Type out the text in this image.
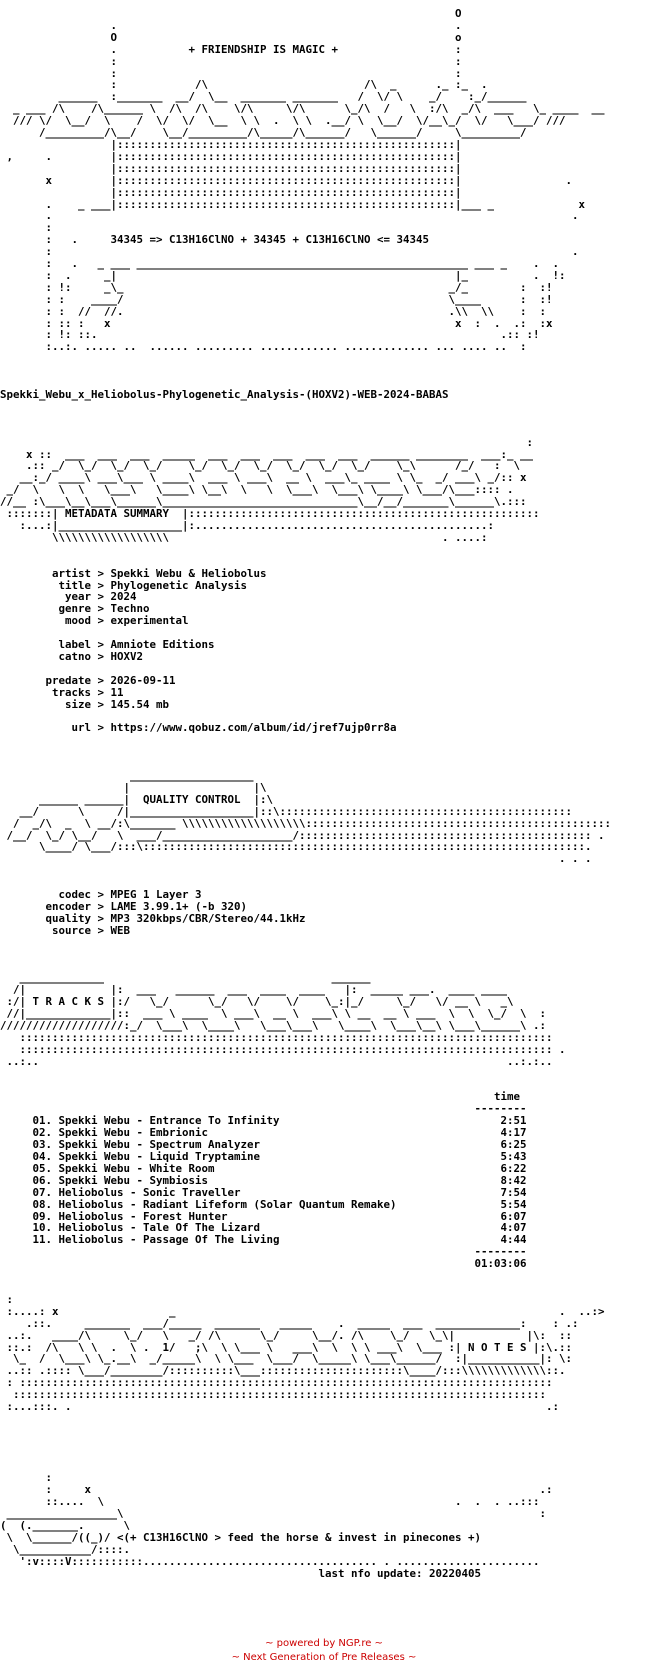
O
.                                                    .
O                                                    o
.           + FRIENDSHIP IS MAGIC +                  :
:                                                    :
:                                                    :
:            /\                        /\  _      ._ :_  .
______  :_______  __/  \__  _______ _______   /  \/ \    _/    :_/______
_ ___ /\    /\______ \  /\  /\    \/\     \/\      \_/\  /   \  :/\  _/\  ___   \_ ____  __
/// \/  \__/  \    /  \/  \/  \__  \ \  .  \ \  .__/ \  \__/  \/__\_/  \/   \___/ ///
/_________/\__/    \__/_________/\_____/\______/   \______/     \_________/
|::::::::::::::::::::::::::::::::::::::::::::::::::::|
,     .         |::::::::::::::::::::::::::::::::::::::::::::::::::::|
|::::::::::::::::::::::::::::::::::::::::::::::::::::|
x         |::::::::::::::::::::::::::::::::::::::::::::::::::::|                .
|::::::::::::::::::::::::::::::::::::::::::::::::::::|
.    _ ___|::::::::::::::::::::::::::::::::::::::::::::::::::::|___ _             x
.                                                                                .
:
:   .     34345 => C13H16ClNO + 34345 + C13H16ClNO <= 34345
:                                                                                .
:   .   _ ___ ___________________________________________________ ___ _    .  .
:  .     _|                                                    |_          .  !:
: !:     _\_                                                  _/_        :  :!
: :    ____/                                                  \____      :  :!
: :  //  //.                                                  .\\  \\    :  :
: :: :   x                                                     x  :  .  .:  :x
: !: ::.                                                              .:: :!
:..:. ..... ..  ...... ......... ............ ............. ... .... ..  :

Spekki_Webu_x_Heliobolus-Phylogenetic_Analysis-(HOXV2)-WEB-2024-BABAS

:
x ::  ___  ___  ___  _____  ___  ___  ___  ___  ___  ______ ________  ___:_ __
.:: _/  \_/  \_/  \_/    \_/  \_/  \_/  \_/  \_/  \_/    \_\      /_/   :  \
__:_/ ____\ ___\___ \ ____\  ___ \ ___\  __ \  ___\_ ____ \ \_  _/ ___\ _/:: x
_/  \   \  \   \___\   \____\ \__\  \   \  \___\  \___\ \____\ \___/\___:::: .
//__ :\___\__\___\______\______________________________\__/__/_______\______\.:::
:::::::| METADATA SUMMARY  |::::::::::::::::::::::::::::::::::::::::::::::::::::::
:...:|___________________|:.............................................:
\\\\\\\\\\\\\\\\\\                                          . ....:

artist > Spekki Webu & Heliobolus
title > Phylogenetic Analysis
year > 2024
genre > Techno
mood > experimental

label > Amniote Editions
catno > HOXV2

predate > 2026-09-11
tracks > 11
size > 145.54 mb

url > https://www.qobuz.com/album/id/jref7ujp0rr8a

___________________
|                   |\
______ ______|  QUALITY CONTROL  |:\
__/      \     /|___________________|::\:::::::::::::::::::::::::::::::::::::::::::::
/  _/\  _  \ __/:\_______ \\\\\\\\\\\\\\\\\\\:::::::::::::::::::::::::::::::::::::::::::::::
/__/  \_/ \__/   \  ___/____________________/::::::::::::::::::::::::::::::::::::::::::::: .
\____/ \___/:::\::::::::::::::::::::::::::::::::::::::::::::::::::::::::::::::::::::.
. . .

codec > MPEG 1 Layer 3
encoder > LAME 3.99.1+ (-b 320)
quality > MP3 320kbps/CBR/Stereo/44.1kHz
source > WEB

_____________                                   ______
/|             |:  ___   ______  ___  ____  ____   |:  _____ ___.  ____ ____
:/| T R A C K S |:/   \_/      \_/   \/    \/    \_:|_/     \_/   \/ __ \   _\
//|_____________|::  ___ \ ____  \ ___\  __ \  ___\ \ __  __ \ ___  \  \  \_/  \  :
///////////////////:_/  \___\  \____\   \___\___\   \____\  \___\__\ \___\______\ .:
::::::::::::::::::::::::::::::::::::::::::::::::::::::::::::::::::::::::::::::::::
:::::::::::::::::::::::::::::::::::::::::::::::::::::::::::::::::::::::::::::::::: .
..:..                                                                        ..:.:..

time
--------
01. Spekki Webu - Entrance To Infinity                                  2:51
02. Spekki Webu - Embrionic                                             4:17
03. Spekki Webu - Spectrum Analyzer                                     6:25
04. Spekki Webu - Liquid Tryptamine                                     5:43
05. Spekki Webu - White Room                                            6:22
06. Spekki Webu - Symbiosis                                             8:42
07. Heliobolus - Sonic Traveller                                        7:54
08. Heliobolus - Radiant Lifeform (Solar Quantum Remake)                5:54
09. Heliobolus - Forest Hunter                                          6:07
10. Heliobolus - Tale Of The Lizard                                     4:07
11. Heliobolus - Passage Of The Living                                  4:44
--------
01:03:06

:
:....: x                 _                                                           .  ..:>
.::.     _______  ___/_____  _______   _____    .  _____  ___  _____________:    : .:
..:.   ____/\     \_/   \   _/ /\      \_/     \__/. /\    \_/   \_\|           |\:  ::
::.:  /\   \ \  .  \ .  1/   ;\  \ \___ \   ___\  \  \ \ ___\  \___ :| N O T E S |:\.::
\_  /  \___\ \_.__\  _/_____\  \ \___  \___/  \_____\ \___\______/  :|___________|: \:
..:: .:::: \___/________/::::::::::\___::::::::::::::::::::::\____/:::\\\\\\\\\\\\\::.
: ::::::::::::::::::::::::::::::::::::::::::::::::::::::::::::::::::::::::::::::::::
::::::::::::::::::::::::::::::::::::::::::::::::::::::::::::::::::::::::::::::::::
:...:::. .                                                                         .:

:
:     x                                                                     .:
::....  \                                                      .  .  . ..:::
_________________\                                                                :
(  (._______.      \
\  \______/((_)/ <(+ C13H16ClNO > feed the horse & invest in pinecones +)
\___________/::::.
':v::::V:::::::::::.................................... . ......................
last nfo update: 20220405
~ powered by NGP.re ~
~ Next Generation of Pre Releases ~
